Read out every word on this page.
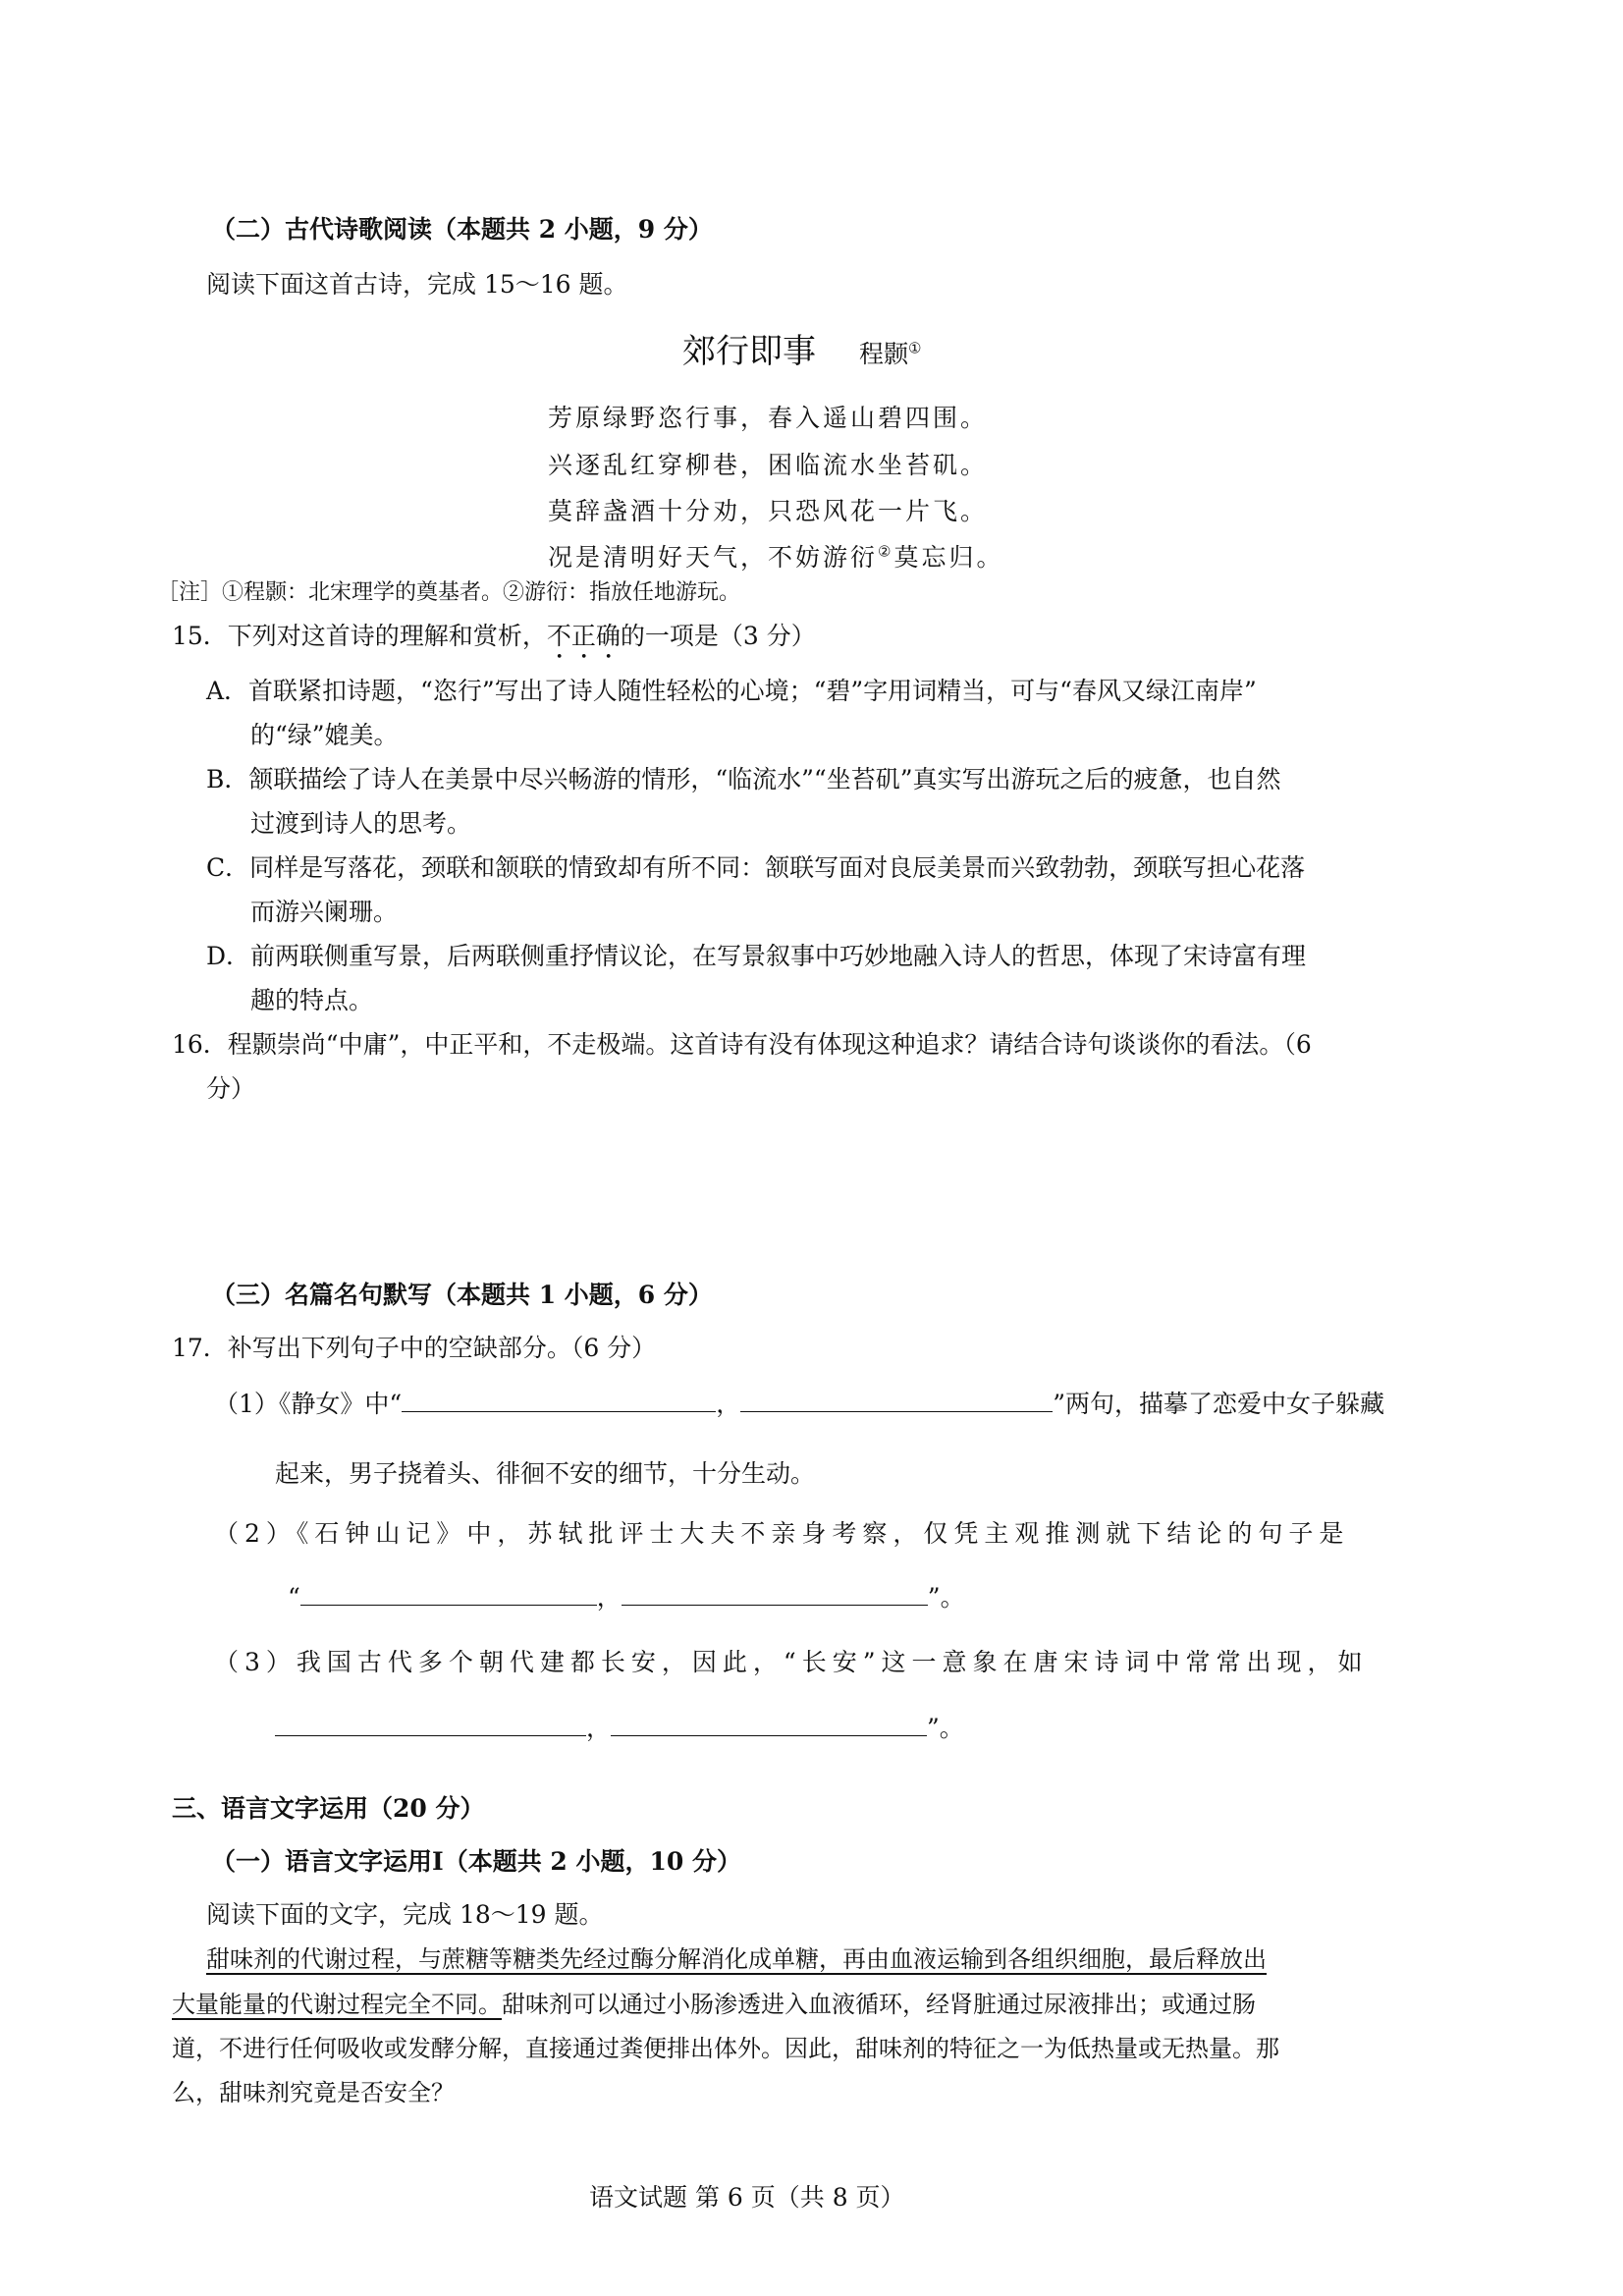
（二）古代诗歌阅读（本题共 2 小题，9 分）
阅读下面这首古诗，完成 15～16 题。
郊行即事 程颢①
芳原绿野恣行事，春入遥山碧四围。
兴逐乱红穿柳巷，困临流水坐苔矶。
莫辞盏酒十分劝，只恐风花一片飞。
况是清明好天气，不妨游衍②莫忘归。
［注］①程颢：北宋理学的奠基者。②游衍：指放任地游玩。
15．下列对这首诗的理解和赏析，不正确的一项是（3 分）
A．首联紧扣诗题，“恣行”写出了诗人随性轻松的心境；“碧”字用词精当，可与“春风又绿江南岸”
的“绿”媲美。
B．颔联描绘了诗人在美景中尽兴畅游的情形，“临流水”“坐苔矶”真实写出游玩之后的疲惫，也自然
过渡到诗人的思考。
C．同样是写落花，颈联和颔联的情致却有所不同：颔联写面对良辰美景而兴致勃勃，颈联写担心花落
而游兴阑珊。
D．前两联侧重写景，后两联侧重抒情议论，在写景叙事中巧妙地融入诗人的哲思，体现了宋诗富有理
趣的特点。
16．程颢崇尚“中庸”，中正平和，不走极端。这首诗有没有体现这种追求？请结合诗句谈谈你的看法。（6
分）
（三）名篇名句默写（本题共 1 小题，6 分）
17．补写出下列句子中的空缺部分。（6 分）
（1）《静女》中“	，	”两句，描摹了恋爱中女子躲藏
起来，男子挠着头、徘徊不安的细节，十分生动。
（2）《石钟山记》中，苏轼批评士大夫不亲身考察，仅凭主观推测就下结论的句子是
“	，	”。
（3）我国古代多个朝代建都长安，因此，“长安”这一意象在唐宋诗词中常常出现，如
，	”。
三、语言文字运用（20 分）
（一）语言文字运用Ⅰ（本题共 2 小题，10 分）
阅读下面的文字，完成 18～19 题。
甜味剂的代谢过程，与蔗糖等糖类先经过酶分解消化成单糖，再由血液运输到各组织细胞，最后释放出
大量能量的代谢过程完全不同。甜味剂可以通过小肠渗透进入血液循环，经肾脏通过尿液排出；或通过肠
道，不进行任何吸收或发酵分解，直接通过粪便排出体外。因此，甜味剂的特征之一为低热量或无热量。那
么，甜味剂究竟是否安全？
语文试题 第 6 页（共 8 页）
